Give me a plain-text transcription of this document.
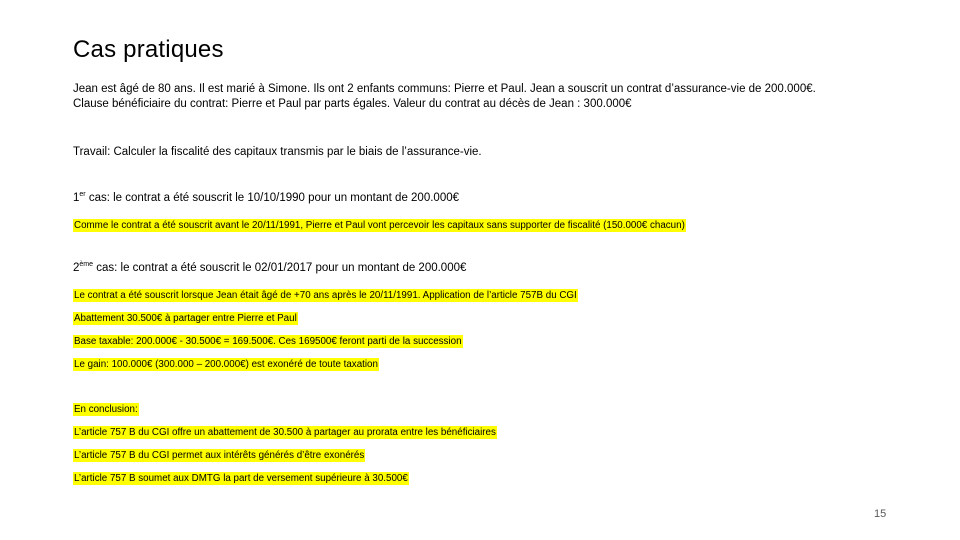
Cas pratiques
Jean est âgé de 80 ans. Il est marié à Simone. Ils ont 2 enfants communs: Pierre et Paul. Jean a souscrit un contrat d’assurance-vie de 200.000€.
Clause bénéficiaire du contrat: Pierre et Paul par parts égales. Valeur du contrat au décès de Jean : 300.000€

Travail: Calculer la fiscalité des capitaux transmis par le biais de l’assurance-vie.

1er cas: le contrat a été souscrit le 10/10/1990 pour un montant de 200.000€

Comme le contrat a été souscrit avant le 20/11/1991, Pierre et Paul vont percevoir les capitaux sans supporter de fiscalité (150.000€ chacun)

2ème cas: le contrat a été souscrit le 02/01/2017 pour un montant de 200.000€

Le contrat a été souscrit lorsque Jean était âgé de +70 ans après le 20/11/1991. Application de l’article 757B du CGI

Abattement 30.500€ à partager entre Pierre et Paul

Base taxable: 200.000€ - 30.500€ = 169.500€. Ces 169500€ feront parti de la succession

Le gain: 100.000€ (300.000 – 200.000€) est exonéré de toute taxation

En conclusion:

L’article 757 B du CGI offre un abattement de 30.500 à partager au prorata entre les bénéficiaires

L’article 757 B du CGI permet aux intérêts générés d’être exonérés

L’article 757 B soumet aux DMTG la part de versement supérieure à 30.500€

15
